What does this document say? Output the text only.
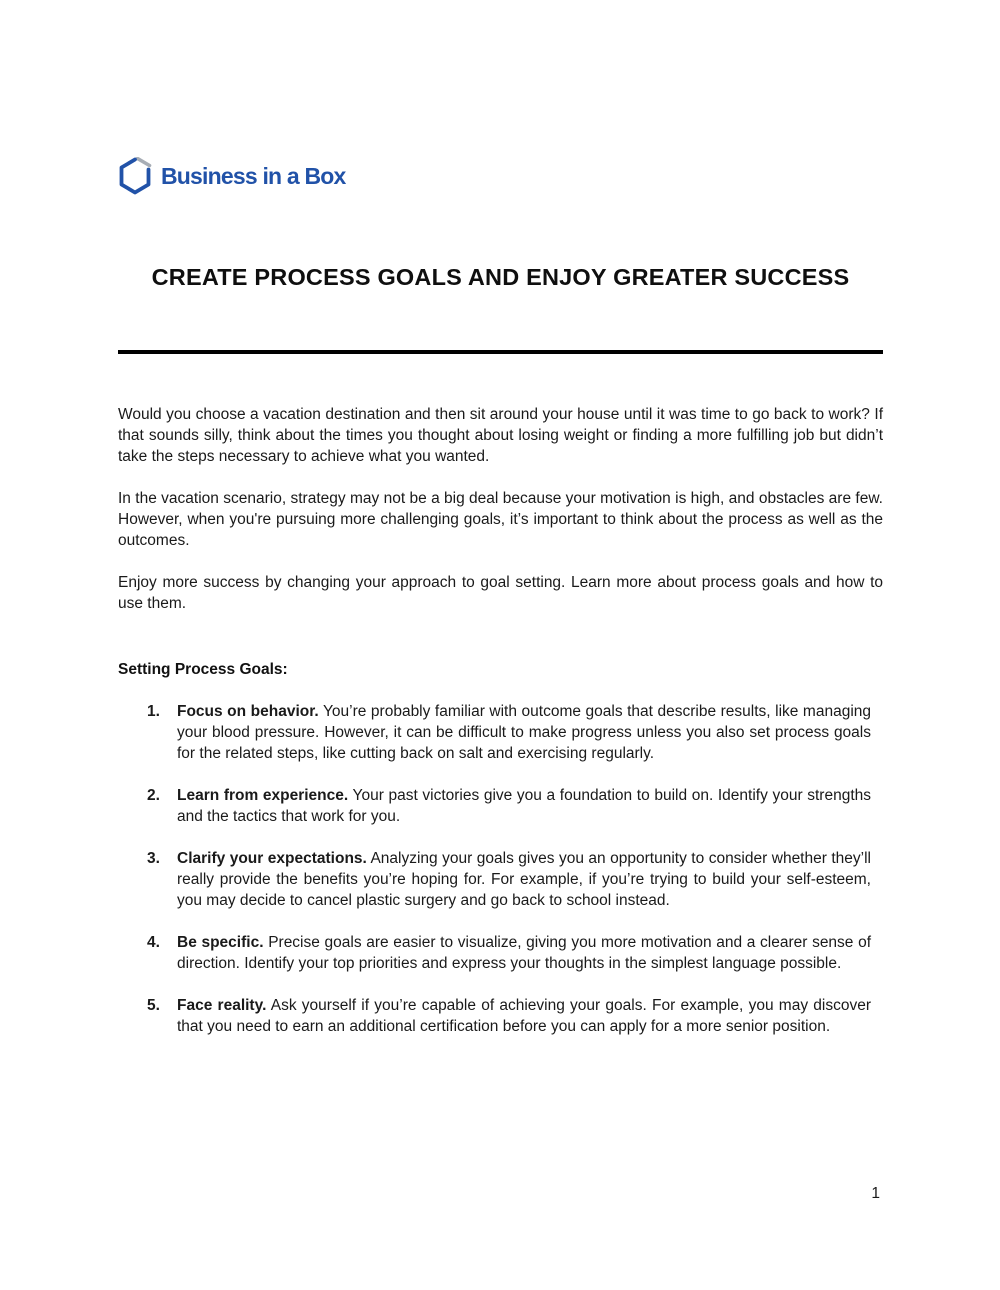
Business in a Box
CREATE PROCESS GOALS AND ENJOY GREATER SUCCESS

Would you choose a vacation destination and then sit around your house until it was time to go back to work? If that sounds silly, think about the times you thought about losing weight or finding a more fulfilling job but didn’t take the steps necessary to achieve what you wanted.

In the vacation scenario, strategy may not be a big deal because your motivation is high, and obstacles are few. However, when you're pursuing more challenging goals, it’s important to think about the process as well as the outcomes.

Enjoy more success by changing your approach to goal setting. Learn more about process goals and how to use them.

Setting Process Goals:
1.	Focus on behavior. You’re probably familiar with outcome goals that describe results, like managing your blood pressure. However, it can be difficult to make progress unless you also set process goals for the related steps, like cutting back on salt and exercising regularly.
2.	Learn from experience. Your past victories give you a foundation to build on. Identify your strengths and the tactics that work for you.
3.	Clarify your expectations. Analyzing your goals gives you an opportunity to consider whether they’ll really provide the benefits you’re hoping for. For example, if you’re trying to build your self-esteem, you may decide to cancel plastic surgery and go back to school instead.
4.	Be specific. Precise goals are easier to visualize, giving you more motivation and a clearer sense of direction. Identify your top priorities and express your thoughts in the simplest language possible.
5.	Face reality. Ask yourself if you’re capable of achieving your goals. For example, you may discover that you need to earn an additional certification before you can apply for a more senior position.
1
